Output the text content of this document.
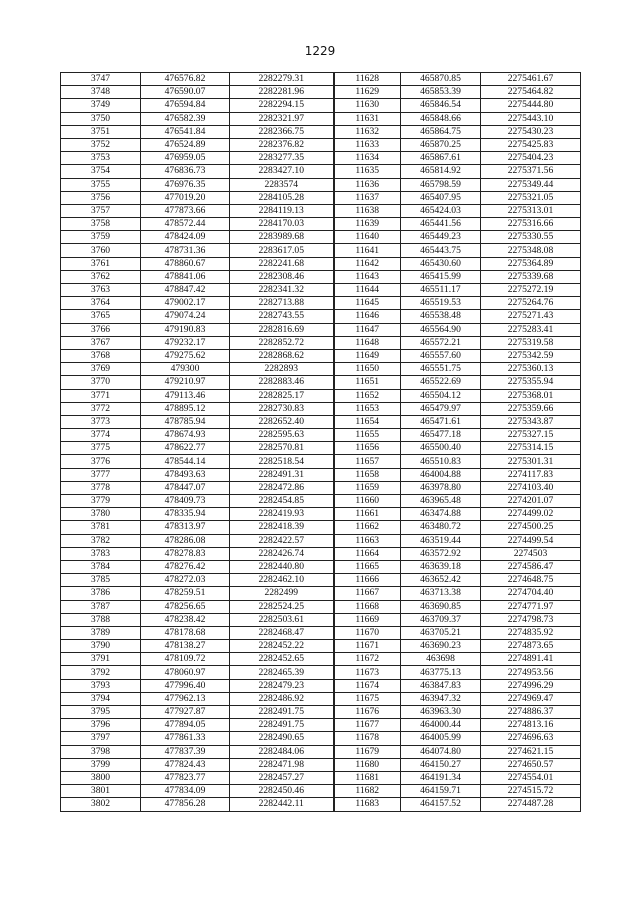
1229
3747	476576.82	2282279.31	11628	465870.85	2275461.67
3748	476590.07	2282281.96	11629	465853.39	2275464.82
3749	476594.84	2282294.15	11630	465846.54	2275444.80
3750	476582.39	2282321.97	11631	465848.66	2275443.10
3751	476541.84	2282366.75	11632	465864.75	2275430.23
3752	476524.89	2282376.82	11633	465870.25	2275425.83
3753	476959.05	2283277.35	11634	465867.61	2275404.23
3754	476836.73	2283427.10	11635	465814.92	2275371.56
3755	476976.35	2283574	11636	465798.59	2275349.44
3756	477019.20	2284105.28	11637	465407.95	2275321.05
3757	477873.66	2284119.13	11638	465424.03	2275313.01
3758	478572.44	2284170.03	11639	465441.56	2275316.66
3759	478424.09	2283989.68	11640	465449.23	2275330.55
3760	478731.36	2283617.05	11641	465443.75	2275348.08
3761	478860.67	2282241.68	11642	465430.60	2275364.89
3762	478841.06	2282308.46	11643	465415.99	2275339.68
3763	478847.42	2282341.32	11644	465511.17	2275272.19
3764	479002.17	2282713.88	11645	465519.53	2275264.76
3765	479074.24	2282743.55	11646	465538.48	2275271.43
3766	479190.83	2282816.69	11647	465564.90	2275283.41
3767	479232.17	2282852.72	11648	465572.21	2275319.58
3768	479275.62	2282868.62	11649	465557.60	2275342.59
3769	479300	2282893	11650	465551.75	2275360.13
3770	479210.97	2282883.46	11651	465522.69	2275355.94
3771	479113.46	2282825.17	11652	465504.12	2275368.01
3772	478895.12	2282730.83	11653	465479.97	2275359.66
3773	478785.94	2282652.40	11654	465471.61	2275343.87
3774	478674.93	2282595.63	11655	465477.18	2275327.15
3775	478622.77	2282570.81	11656	465500.40	2275314.15
3776	478544.14	2282518.54	11657	465510.83	2275301.31
3777	478493.63	2282491.31	11658	464004.88	2274117.83
3778	478447.07	2282472.86	11659	463978.80	2274103.40
3779	478409.73	2282454.85	11660	463965.48	2274201.07
3780	478335.94	2282419.93	11661	463474.88	2274499.02
3781	478313.97	2282418.39	11662	463480.72	2274500.25
3782	478286.08	2282422.57	11663	463519.44	2274499.54
3783	478278.83	2282426.74	11664	463572.92	2274503
3784	478276.42	2282440.80	11665	463639.18	2274586.47
3785	478272.03	2282462.10	11666	463652.42	2274648.75
3786	478259.51	2282499	11667	463713.38	2274704.40
3787	478256.65	2282524.25	11668	463690.85	2274771.97
3788	478238.42	2282503.61	11669	463709.37	2274798.73
3789	478178.68	2282468.47	11670	463705.21	2274835.92
3790	478138.27	2282452.22	11671	463690.23	2274873.65
3791	478109.72	2282452.65	11672	463698	2274891.41
3792	478060.97	2282465.39	11673	463775.13	2274953.56
3793	477996.40	2282479.23	11674	463847.83	2274996.29
3794	477962.13	2282486.92	11675	463947.32	2274969.47
3795	477927.87	2282491.75	11676	463963.30	2274886.37
3796	477894.05	2282491.75	11677	464000.44	2274813.16
3797	477861.33	2282490.65	11678	464005.99	2274696.63
3798	477837.39	2282484.06	11679	464074.80	2274621.15
3799	477824.43	2282471.98	11680	464150.27	2274650.57
3800	477823.77	2282457.27	11681	464191.34	2274554.01
3801	477834.09	2282450.46	11682	464159.71	2274515.72
3802	477856.28	2282442.11	11683	464157.52	2274487.28
